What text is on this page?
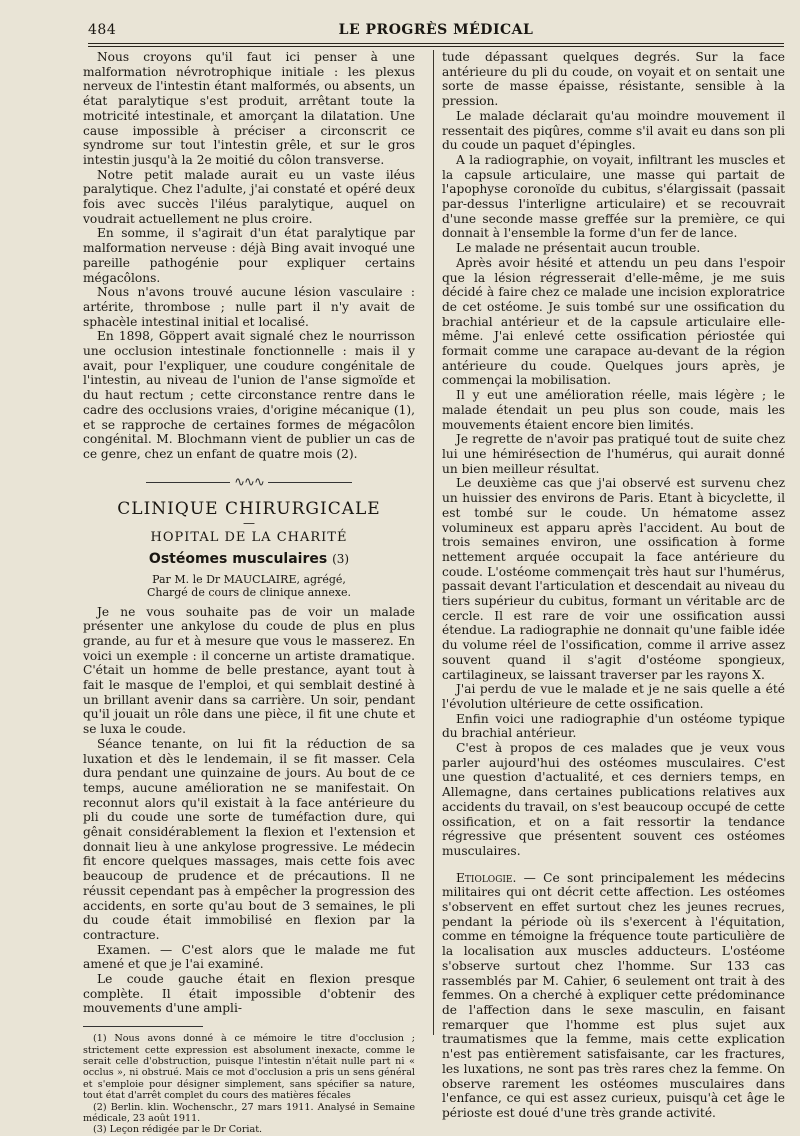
484	LE PROGRÈS MÉDICAL

Nous croyons qu'il faut ici penser à une malformation névrotrophique initiale : les plexus nerveux de l'intestin étant malformés, ou absents, un état paralytique s'est produit, arrêtant toute la motricité intestinale, et amorçant la dilatation. Une cause impossible à préciser a circonscrit ce syndrome sur tout l'intestin grêle, et sur le gros intestin jusqu'à la 2e moitié du côlon transverse.

Notre petit malade aurait eu un vaste iléus paralytique. Chez l'adulte, j'ai constaté et opéré deux fois avec succès l'iléus paralytique, auquel on voudrait actuellement ne plus croire.

En somme, il s'agirait d'un état paralytique par malformation nerveuse : déjà Bing avait invoqué une pareille pathogénie pour expliquer certains mégacôlons.

Nous n'avons trouvé aucune lésion vasculaire : artérite, thrombose ; nulle part il n'y avait de sphacèle intestinal initial et localisé.

En 1898, Göppert avait signalé chez le nourrisson une occlusion intestinale fonctionnelle : mais il y avait, pour l'expliquer, une coudure congénitale de l'intestin, au niveau de l'union de l'anse sigmoïde et du haut rectum ; cette circonstance rentre dans le cadre des occlusions vraies, d'origine mécanique (1), et se rapproche de certaines formes de mégacôlon congénital. M. Blochmann vient de publier un cas de ce genre, chez un enfant de quatre mois (2).

∿∿∿
CLINIQUE CHIRURGICALE
—
HOPITAL DE LA CHARITÉ
Ostéomes musculaires (3)
Par M. le Dr MAUCLAIRE, agrégé,
Chargé de cours de clinique annexe.

Je ne vous souhaite pas de voir un malade présenter une ankylose du coude de plus en plus grande, au fur et à mesure que vous le masserez. En voici un exemple : il concerne un artiste dramatique. C'était un homme de belle prestance, ayant tout à fait le masque de l'emploi, et qui semblait destiné à un brillant avenir dans sa carrière. Un soir, pendant qu'il jouait un rôle dans une pièce, il fit une chute et se luxa le coude.

Séance tenante, on lui fit la réduction de sa luxation et dès le lendemain, il se fit masser. Cela dura pendant une quinzaine de jours. Au bout de ce temps, aucune amélioration ne se manifestait. On reconnut alors qu'il existait à la face antérieure du pli du coude une sorte de tuméfaction dure, qui gênait considérablement la flexion et l'extension et donnait lieu à une ankylose progressive. Le médecin fit encore quelques massages, mais cette fois avec beaucoup de prudence et de précautions. Il ne réussit cependant pas à empêcher la progression des accidents, en sorte qu'au bout de 3 semaines, le pli du coude était immobilisé en flexion par la contracture.

Examen. — C'est alors que le malade me fut amené et que je l'ai examiné.

Le coude gauche était en flexion presque complète. Il était impossible d'obtenir des mouvements d'une ampli-

(1) Nous avons donné à ce mémoire le titre d'occlusion ; strictement cette expression est absolument inexacte, comme le serait celle d'obstruction, puisque l'intestin n'était nulle part ni « occlus », ni obstrué. Mais ce mot d'occlusion a pris un sens général et s'emploie pour désigner simplement, sans spécifier sa nature, tout état d'arrêt complet du cours des matières fécales

(2) Berlin. klin. Wochenschr., 27 mars 1911. Analysé in Semaine médicale, 23 août 1911.

(3) Leçon rédigée par le Dr Coriat.

tude dépassant quelques degrés. Sur la face antérieure du pli du coude, on voyait et on sentait une sorte de masse épaisse, résistante, sensible à la pression.

Le malade déclarait qu'au moindre mouvement il ressentait des piqûres, comme s'il avait eu dans son pli du coude un paquet d'épingles.

A la radiographie, on voyait, infiltrant les muscles et la capsule articulaire, une masse qui partait de l'apophyse coronoïde du cubitus, s'élargissait (passait par-dessus l'interligne articulaire) et se recouvrait d'une seconde masse greffée sur la première, ce qui donnait à l'ensemble la forme d'un fer de lance.

Le malade ne présentait aucun trouble.

Après avoir hésité et attendu un peu dans l'espoir que la lésion régresserait d'elle-même, je me suis décidé à faire chez ce malade une incision exploratrice de cet ostéome. Je suis tombé sur une ossification du brachial antérieur et de la capsule articulaire elle-même. J'ai enlevé cette ossification périostée qui formait comme une carapace au-devant de la région antérieure du coude. Quelques jours après, je commençai la mobilisation.

Il y eut une amélioration réelle, mais légère ; le malade étendait un peu plus son coude, mais les mouvements étaient encore bien limités.

Je regrette de n'avoir pas pratiqué tout de suite chez lui une hémirésection de l'humérus, qui aurait donné un bien meilleur résultat.

Le deuxième cas que j'ai observé est survenu chez un huissier des environs de Paris. Etant à bicyclette, il est tombé sur le coude. Un hématome assez volumineux est apparu après l'accident. Au bout de trois semaines environ, une ossification à forme nettement arquée occupait la face antérieure du coude. L'ostéome commençait très haut sur l'humérus, passait devant l'articulation et descendait au niveau du tiers supérieur du cubitus, formant un véritable arc de cercle. Il est rare de voir une ossification aussi étendue. La radiographie ne donnait qu'une faible idée du volume réel de l'ossification, comme il arrive assez souvent quand il s'agit d'ostéome spongieux, cartilagineux, se laissant traverser par les rayons X.

J'ai perdu de vue le malade et je ne sais quelle a été l'évolution ultérieure de cette ossification.

Enfin voici une radiographie d'un ostéome typique du brachial antérieur.

C'est à propos de ces malades que je veux vous parler aujourd'hui des ostéomes musculaires. C'est une question d'actualité, et ces derniers temps, en Allemagne, dans certaines publications relatives aux accidents du travail, on s'est beaucoup occupé de cette ossification, et on a fait ressortir la tendance régressive que présentent souvent ces ostéomes musculaires.

Etiologie. — Ce sont principalement les médecins militaires qui ont décrit cette affection. Les ostéomes s'observent en effet surtout chez les jeunes recrues, pendant la période où ils s'exercent à l'équitation, comme en témoigne la fréquence toute particulière de la localisation aux muscles adducteurs. L'ostéome s'observe surtout chez l'homme. Sur 133 cas rassemblés par M. Cahier, 6 seulement ont trait à des femmes. On a cherché à expliquer cette prédominance de l'affection dans le sexe masculin, en faisant remarquer que l'homme est plus sujet aux traumatismes que la femme, mais cette explication n'est pas entièrement satisfaisante, car les fractures, les luxations, ne sont pas très rares chez la femme. On observe rarement les ostéomes musculaires dans l'enfance, ce qui est assez curieux, puisqu'à cet âge le périoste est doué d'une très grande activité.
